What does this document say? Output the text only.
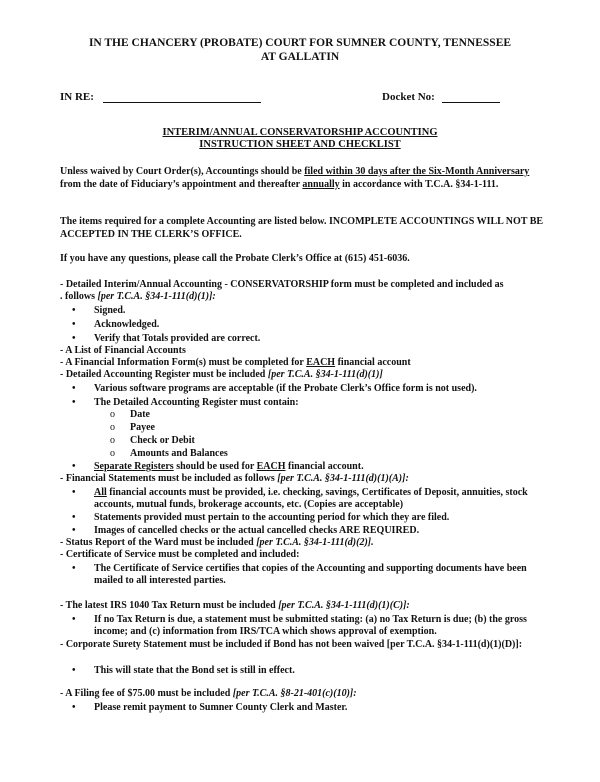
IN THE CHANCERY (PROBATE) COURT FOR SUMNER COUNTY, TENNESSEE
AT GALLATIN
IN RE:	Docket No:
INTERIM/ANNUAL CONSERVATORSHIP ACCOUNTING
INSTRUCTION SHEET AND CHECKLIST
Unless waived by Court Order(s), Accountings should be filed within 30 days after the Six-Month Anniversary from the date of Fiduciary’s appointment and thereafter annually in accordance with T.C.A. §34-1-111.
The items required for a complete Accounting are listed below. INCOMPLETE ACCOUNTINGS WILL NOT BE ACCEPTED IN THE CLERK’S OFFICE.
If you have any questions, please call the Probate Clerk’s Office at (615) 451-6036.
- Detailed Interim/Annual Accounting - CONSERVATORSHIP form must be completed and included as
. follows [per T.C.A. §34-1-111(d)(1)]:
• Signed.
• Acknowledged.
• Verify that Totals provided are correct.
- A List of Financial Accounts
- A Financial Information Form(s) must be completed for EACH financial account
- Detailed Accounting Register must be included [per T.C.A. §34-1-111(d)(1)]
• Various software programs are acceptable (if the Probate Clerk’s Office form is not used).
• The Detailed Accounting Register must contain:
o Date
o Payee
o Check or Debit
o Amounts and Balances
• Separate Registers should be used for EACH financial account.
- Financial Statements must be included as follows [per T.C.A. §34-1-111(d)(1)(A)]:
• All financial accounts must be provided, i.e. checking, savings, Certificates of Deposit, annuities, stock accounts, mutual funds, brokerage accounts, etc. (Copies are acceptable)
• Statements provided must pertain to the accounting period for which they are filed.
• Images of cancelled checks or the actual cancelled checks ARE REQUIRED.
- Status Report of the Ward must be included [per T.C.A. §34-1-111(d)(2)].
- Certificate of Service must be completed and included:
• The Certificate of Service certifies that copies of the Accounting and supporting documents have been mailed to all interested parties.
- The latest IRS 1040 Tax Return must be included [per T.C.A. §34-1-111(d)(1)(C)]:
• If no Tax Return is due, a statement must be submitted stating: (a) no Tax Return is due; (b) the gross income; and (c) information from IRS/TCA which shows approval of exemption.
- Corporate Surety Statement must be included if Bond has not been waived [per T.C.A. §34-1-111(d)(1)(D)]:
• This will state that the Bond set is still in effect.
- A Filing fee of $75.00 must be included [per T.C.A. §8-21-401(c)(10)]:
• Please remit payment to Sumner County Clerk and Master.
